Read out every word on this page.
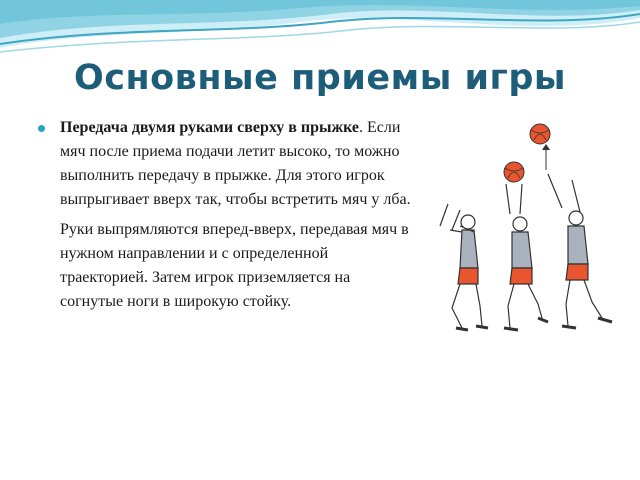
Основные приемы игры

Передача двумя руками сверху в прыжке. Если мяч после приема подачи летит высоко, то можно выполнить передачу в прыжке. Для этого игрок выпрыгивает вверх так, чтобы встретить мяч у лба.

Руки выпрямляются вперед-вверх, передавая мяч в нужном направлении и с определенной траекторией. Затем игрок приземляется на согнутые ноги в широкую стойку.
